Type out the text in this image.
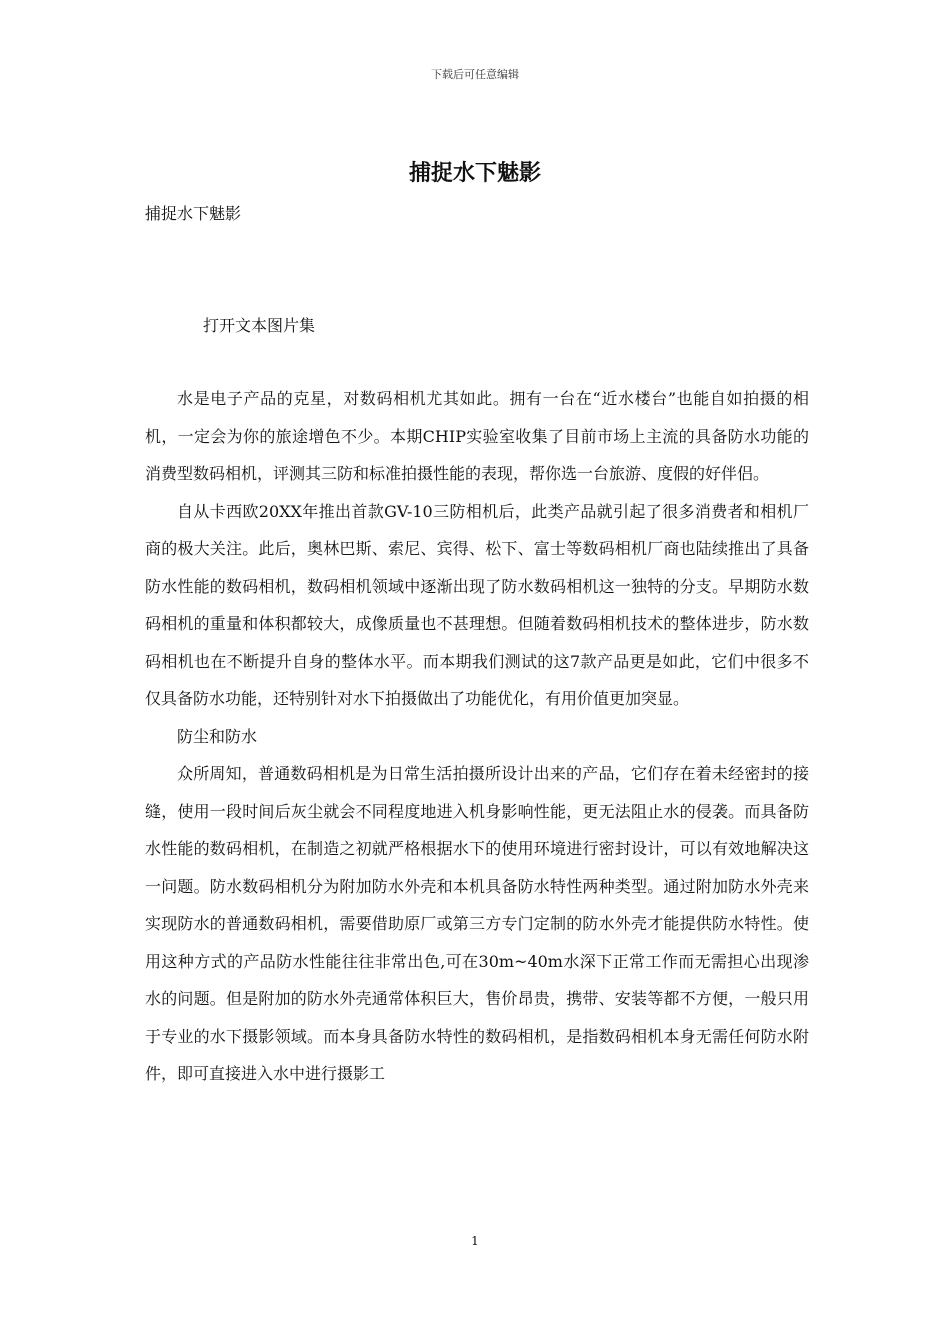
下载后可任意编辑
捕捉水下魅影
捕捉水下魅影
打开文本图片集

水是电子产品的克星，对数码相机尤其如此。拥有一台在“近水楼台”也能自如拍摄的相机，一定会为你的旅途增色不少。本期CHIP实验室收集了目前市场上主流的具备防水功能的消费型数码相机，评测其三防和标准拍摄性能的表现，帮你选一台旅游、度假的好伴侣。

自从卡西欧20XX年推出首款GV-10三防相机后，此类产品就引起了很多消费者和相机厂商的极大关注。此后，奥林巴斯、索尼、宾得、松下、富士等数码相机厂商也陆续推出了具备防水性能的数码相机，数码相机领域中逐渐出现了防水数码相机这一独特的分支。早期防水数码相机的重量和体积都较大，成像质量也不甚理想。但随着数码相机技术的整体进步，防水数码相机也在不断提升自身的整体水平。而本期我们测试的这7款产品更是如此，它们中很多不仅具备防水功能，还特别针对水下拍摄做出了功能优化，有用价值更加突显。

防尘和防水

众所周知，普通数码相机是为日常生活拍摄所设计出来的产品，它们存在着未经密封的接缝，使用一段时间后灰尘就会不同程度地进入机身影响性能，更无法阻止水的侵袭。而具备防水性能的数码相机，在制造之初就严格根据水下的使用环境进行密封设计，可以有效地解决这一问题。防水数码相机分为附加防水外壳和本机具备防水特性两种类型。通过附加防水外壳来实现防水的普通数码相机，需要借助原厂或第三方专门定制的防水外壳才能提供防水特性。使用这种方式的产品防水性能往往非常出色,可在30m~40m水深下正常工作而无需担心出现渗水的问题。但是附加的防水外壳通常体积巨大，售价昂贵，携带、安装等都不方便，一般只用于专业的水下摄影领域。而本身具备防水特性的数码相机，是指数码相机本身无需任何防水附件，即可直接进入水中进行摄影工

1
